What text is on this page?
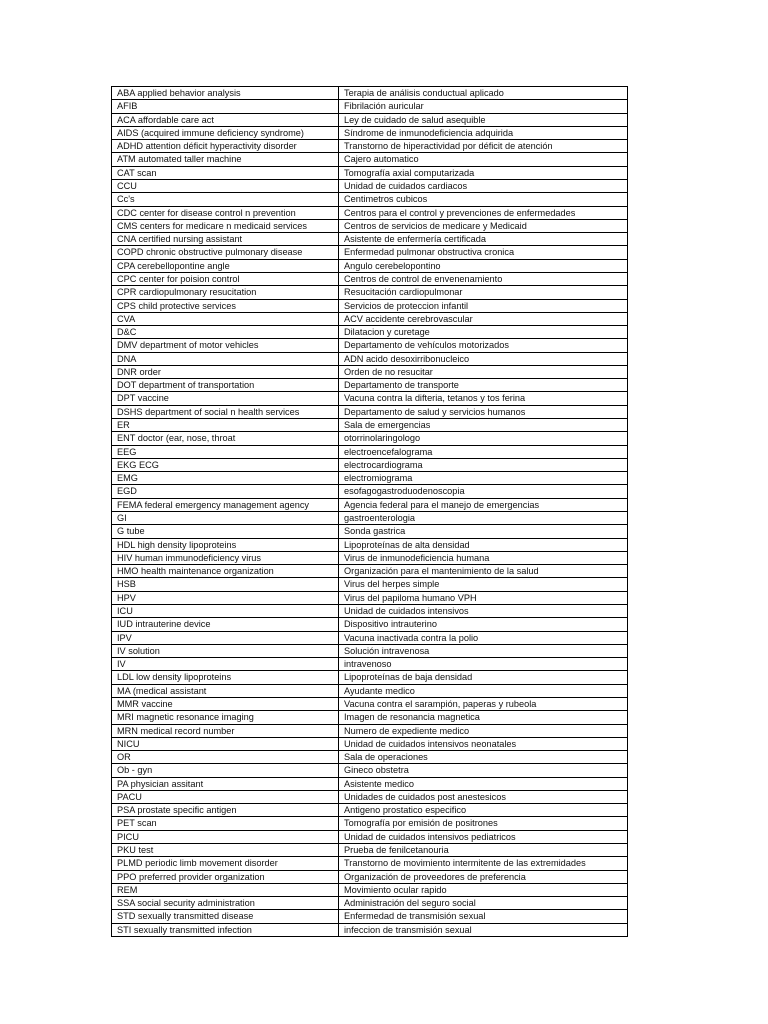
ABA applied behavior analysis	Terapia de análisis conductual aplicado
AFIB	Fibrilación auricular
ACA affordable care act	Ley de cuidado de salud asequible
AIDS (acquired immune deficiency syndrome)	Síndrome de inmunodeficiencia adquirida
ADHD attention déficit hyperactivity disorder	Transtorno de hiperactividad por déficit de atención
ATM automated taller machine	Cajero automatico
CAT scan	Tomografía axial computarizada
CCU	Unidad de cuidados cardiacos
Cc's	Centimetros cubicos
CDC center for disease control n prevention	Centros para el control y prevenciones de enfermedades
CMS centers for medicare n medicaid services	Centros de servicios de medicare y Medicaid
CNA certified nursing assistant	Asistente de enfermería certificada
COPD chronic obstructive pulmonary disease	Enfermedad pulmonar obstructiva cronica
CPA cerebellopontine angle	Angulo cerebelopontino
CPC center for poision control	Centros de control de envenenamiento
CPR cardiopulmonary resucitation	Resucitación cardiopulmonar
CPS child protective services	Servicios de proteccion infantil
CVA	ACV accidente cerebrovascular
D&C	Dilatacion y curetage
DMV department of motor vehicles	Departamento de vehículos motorizados
DNA	ADN acido desoxirribonucleico
DNR order	Orden de no resucitar
DOT department of transportation	Departamento de transporte
DPT vaccine	Vacuna contra la difteria, tetanos y tos ferina
DSHS department of social n health services	Departamento de salud y servicios humanos
ER	Sala de emergencias
ENT doctor (ear, nose, throat	otorrinolaringologo
EEG	electroencefalograma
EKG ECG	electrocardiograma
EMG	electromiograma
EGD	esofagogastroduodenoscopia
FEMA federal emergency management agency	Agencia federal para el manejo de emergencias
GI	gastroenterologia
G tube	Sonda gastrica
HDL high density lipoproteins	Lipoproteínas de alta densidad
HIV human immunodeficiency virus	Virus de inmunodeficiencia humana
HMO health maintenance organization	Organización para el mantenimiento de la salud
HSB	Virus del herpes simple
HPV	Virus del papiloma humano VPH
ICU	Unidad de cuidados intensivos
IUD intrauterine device	Dispositivo intrauterino
IPV	Vacuna inactivada contra la polio
IV solution	Solución intravenosa
IV	intravenoso
LDL low density lipoproteins	Lipoproteínas de baja densidad
MA (medical assistant	Ayudante medico
MMR vaccine	Vacuna contra el sarampión, paperas y rubeola
MRI magnetic resonance imaging	Imagen de resonancia magnetica
MRN medical record number	Numero de expediente medico
NICU	Unidad de cuidados intensivos neonatales
OR	Sala de operaciones
Ob - gyn	Gineco obstetra
PA physician assitant	Asistente medico
PACU	Unidades de cuidados post anestesicos
PSA prostate specific antigen	Antigeno prostatico especifico
PET scan	Tomografía por emisión de positrones
PICU	Unidad de cuidados intensivos pediatricos
PKU test	Prueba de fenilcetanouria
PLMD periodic limb movement disorder	Transtorno de movimiento intermitente de las extremidades
PPO preferred provider organization	Organización de proveedores de preferencia
REM	Movimiento ocular rapido
SSA social security administration	Administración del seguro social
STD sexually transmitted disease	Enfermedad de transmisión sexual
STI sexually transmitted infection	infeccion de transmisión sexual
